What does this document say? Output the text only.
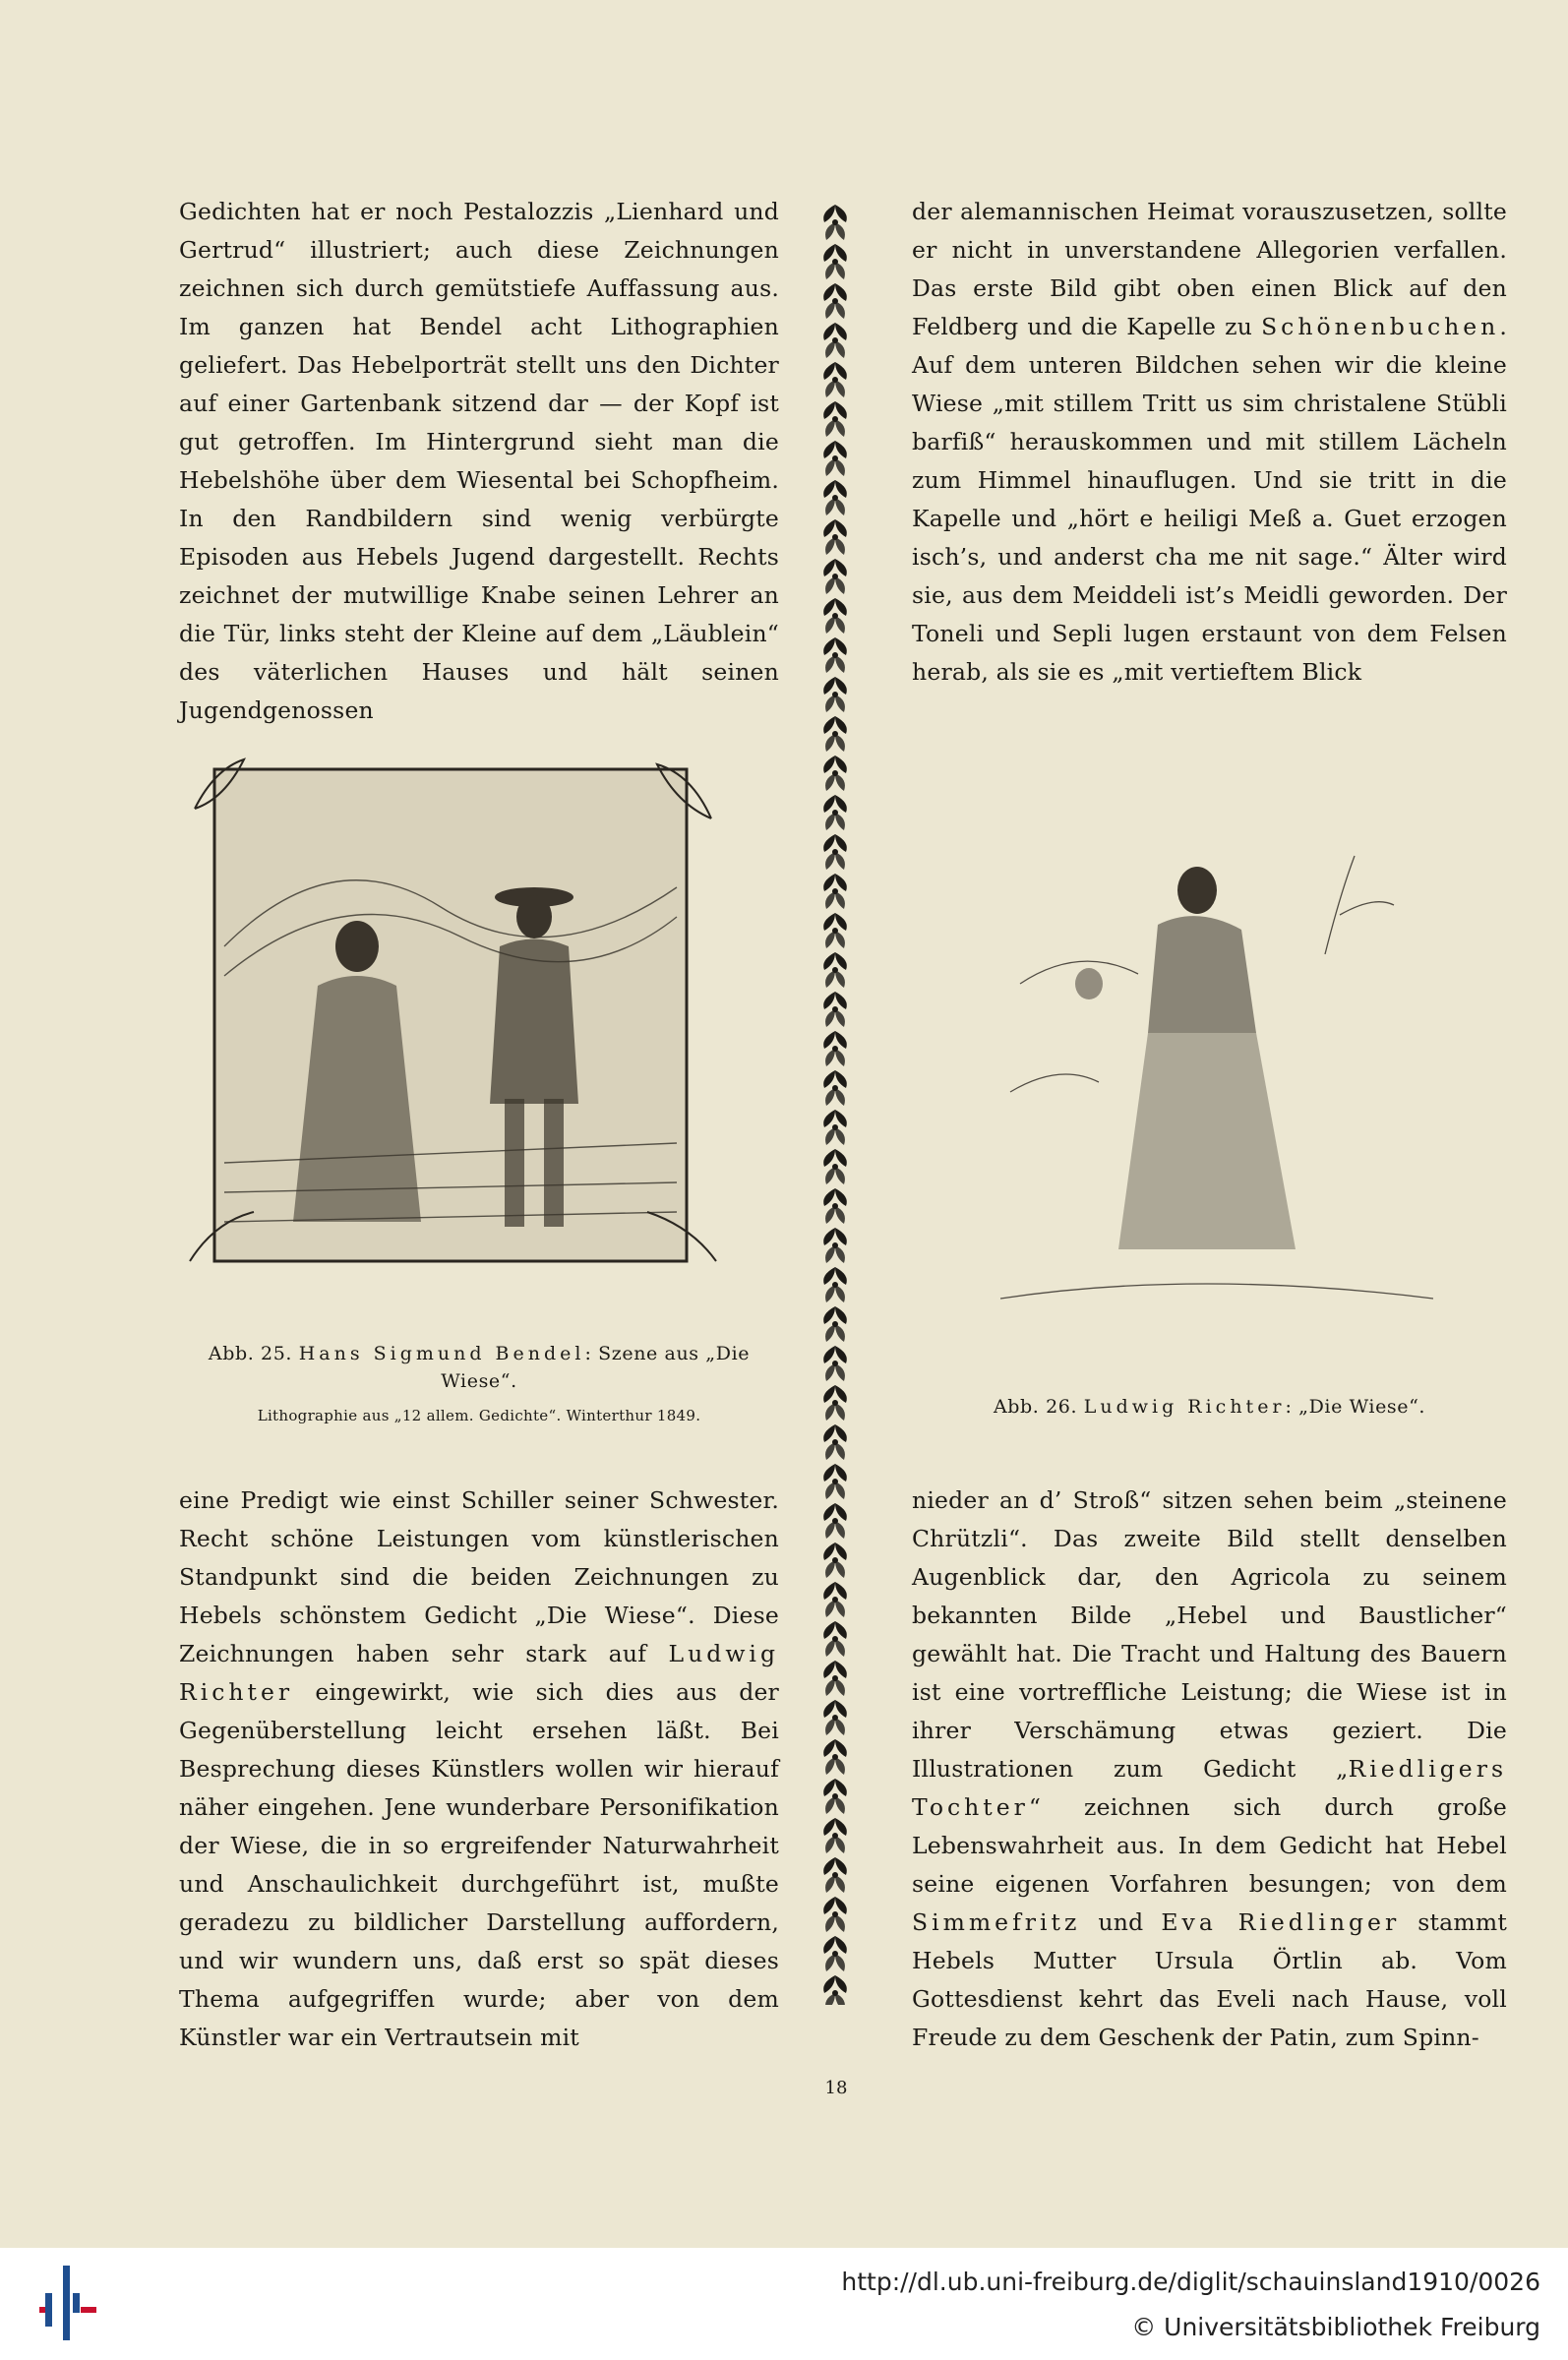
Gedichten hat er noch Pestalozzis „Lienhard und Gertrud“ illustriert; auch diese Zeichnungen zeichnen sich durch gemütstiefe Auffassung aus. Im ganzen hat Bendel acht Lithographien geliefert. Das Hebelporträt stellt uns den Dichter auf einer Gartenbank sitzend dar — der Kopf ist gut getroffen. Im Hintergrund sieht man die Hebelshöhe über dem Wiesental bei Schopfheim. In den Randbildern sind wenig verbürgte Episoden aus Hebels Jugend dargestellt. Rechts zeichnet der mutwillige Knabe seinen Lehrer an die Tür, links steht der Kleine auf dem „Läublein“ des väterlichen Hauses und hält seinen Jugendgenossen

der alemannischen Heimat vorauszusetzen, sollte er nicht in unverstandene Allegorien verfallen. Das erste Bild gibt oben einen Blick auf den Feldberg und die Kapelle zu Schönenbuchen. Auf dem unteren Bildchen sehen wir die kleine Wiese „mit stillem Tritt us sim christalene Stübli barfiß“ herauskommen und mit stillem Lächeln zum Himmel hinauflugen. Und sie tritt in die Kapelle und „hört e heiligi Meß a. Guet erzogen isch’s, und anderst cha me nit sage.“ Älter wird sie, aus dem Meiddeli ist’s Meidli geworden. Der Toneli und Sepli lugen erstaunt von dem Felsen herab, als sie es „mit vertieftem Blick

Abb. 25. Hans Sigmund Bendel: Szene aus „Die Wiese“.
Lithographie aus „12 allem. Gedichte“. Winterthur 1849.	Abb. 26. Ludwig Richter: „Die Wiese“.

eine Predigt wie einst Schiller seiner Schwester. Recht schöne Leistungen vom künstlerischen Standpunkt sind die beiden Zeichnungen zu Hebels schönstem Gedicht „Die Wiese“. Diese Zeichnungen haben sehr stark auf Ludwig Richter eingewirkt, wie sich dies aus der Gegenüberstellung leicht ersehen läßt. Bei Besprechung dieses Künstlers wollen wir hierauf näher eingehen. Jene wunderbare Personifikation der Wiese, die in so ergreifender Naturwahrheit und Anschaulichkeit durchgeführt ist, mußte geradezu zu bildlicher Darstellung auffordern, und wir wundern uns, daß erst so spät dieses Thema aufgegriffen wurde; aber von dem Künstler war ein Vertrautsein mit

nieder an d’ Stroß“ sitzen sehen beim „steinene Chrützli“. Das zweite Bild stellt denselben Augenblick dar, den Agricola zu seinem bekannten Bilde „Hebel und Baustlicher“ gewählt hat. Die Tracht und Haltung des Bauern ist eine vortreffliche Leistung; die Wiese ist in ihrer Verschämung etwas geziert. Die Illustrationen zum Gedicht „Riedligers Tochter“ zeichnen sich durch große Lebenswahrheit aus. In dem Gedicht hat Hebel seine eigenen Vorfahren besungen; von dem Simmefritz und Eva Riedlinger stammt Hebels Mutter Ursula Örtlin ab. Vom Gottesdienst kehrt das Eveli nach Hause, voll Freude zu dem Geschenk der Patin, zum Spinn-

18
http://dl.ub.uni-freiburg.de/diglit/schauinsland1910/0026
© Universitätsbibliothek Freiburg
